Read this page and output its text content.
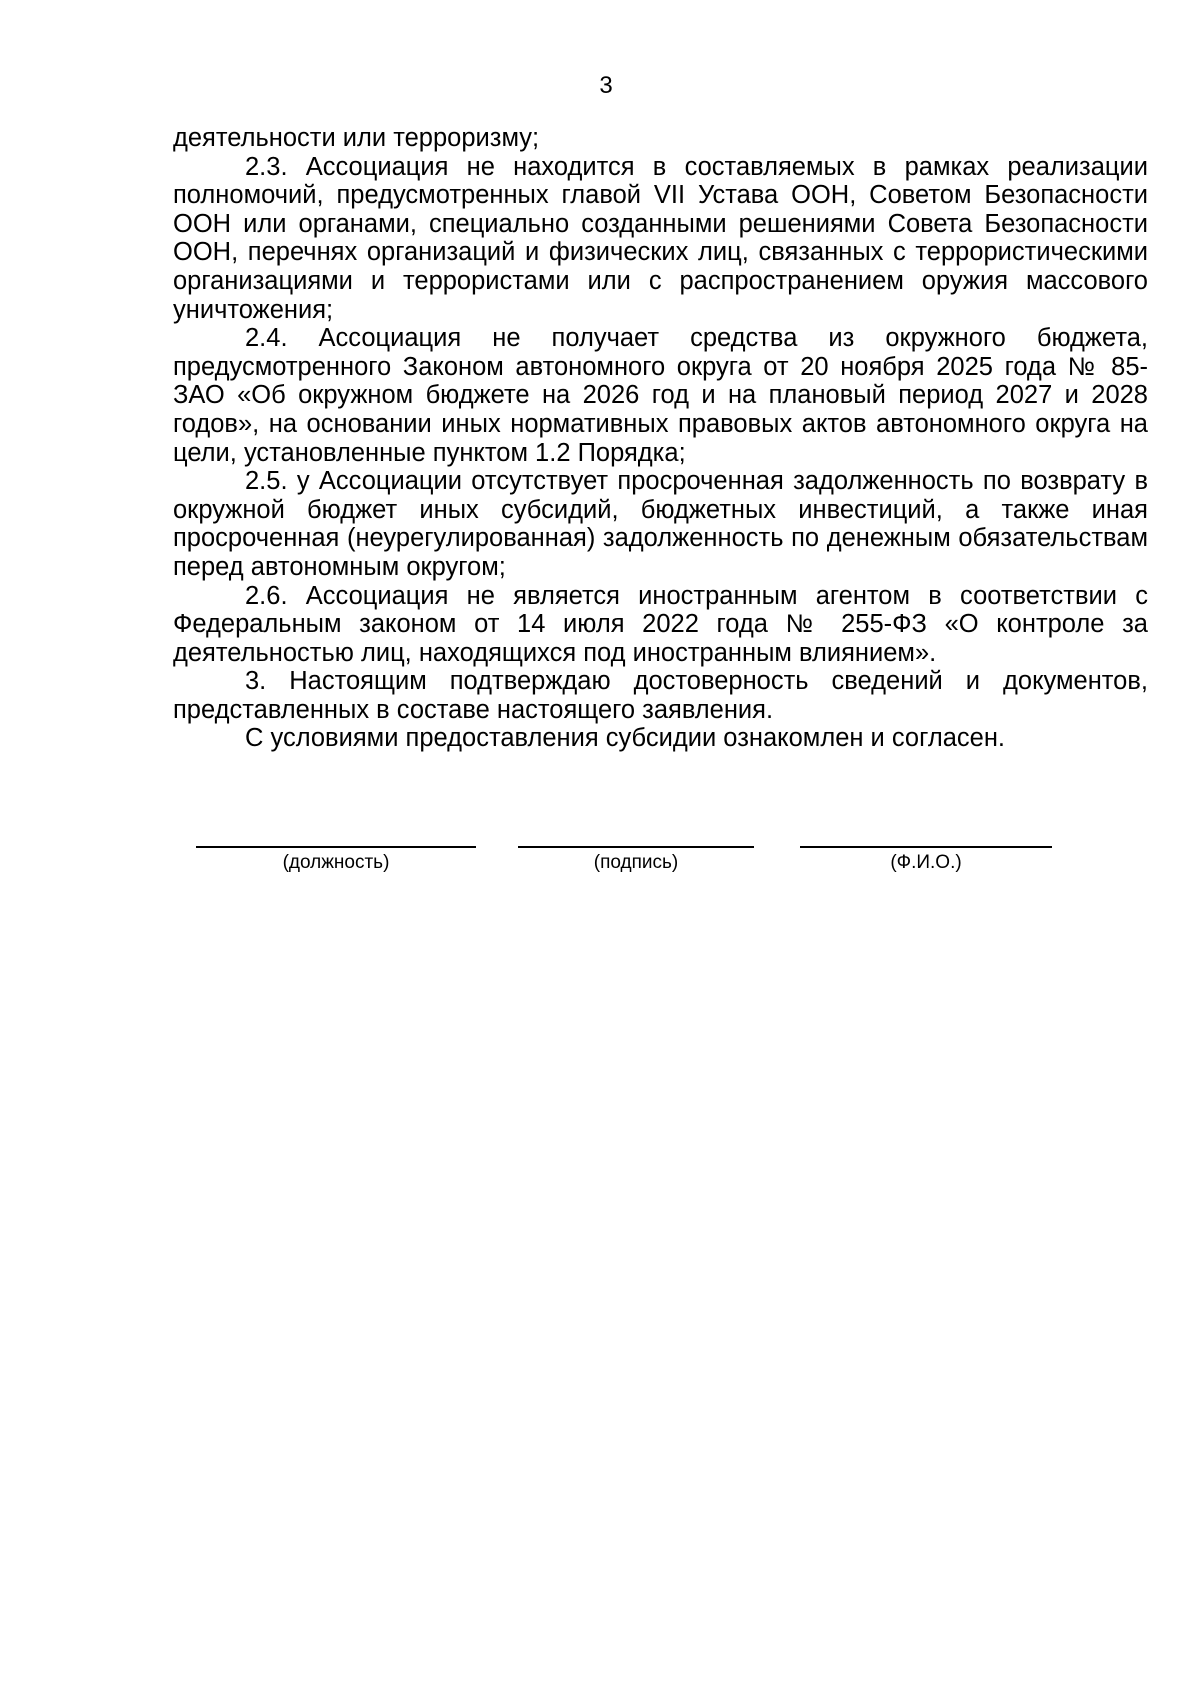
3

деятельности или терроризму;

2.3. Ассоциация не находится в составляемых в рамках реализации полномочий, предусмотренных главой VII Устава ООН, Советом Безопасности ООН или органами, специально созданными решениями Совета Безопасности ООН, перечнях организаций и физических лиц, связанных с террористическими организациями и террористами или с распространением оружия массового уничтожения;

2.4. Ассоциация не получает средства из окружного бюджета, предусмотренного Законом автономного округа от 20 ноября 2025 года № 85-ЗАО «Об окружном бюджете на 2026 год и на плановый период 2027 и 2028 годов», на основании иных нормативных правовых актов автономного округа на цели, установленные пунктом 1.2 Порядка;

2.5. у Ассоциации отсутствует просроченная задолженность по возврату в окружной бюджет иных субсидий, бюджетных инвестиций, а также иная просроченная (неурегулированная) задолженность по денежным обязательствам перед автономным округом;

2.6. Ассоциация не является иностранным агентом в соответствии с Федеральным законом от 14 июля 2022 года № 255-ФЗ «О контроле за деятельностью лиц, находящихся под иностранным влиянием».

3. Настоящим подтверждаю достоверность сведений и документов, представленных в составе настоящего заявления.

С условиями предоставления субсидии ознакомлен и согласен.

(должность)	(подпись)	(Ф.И.О.)
